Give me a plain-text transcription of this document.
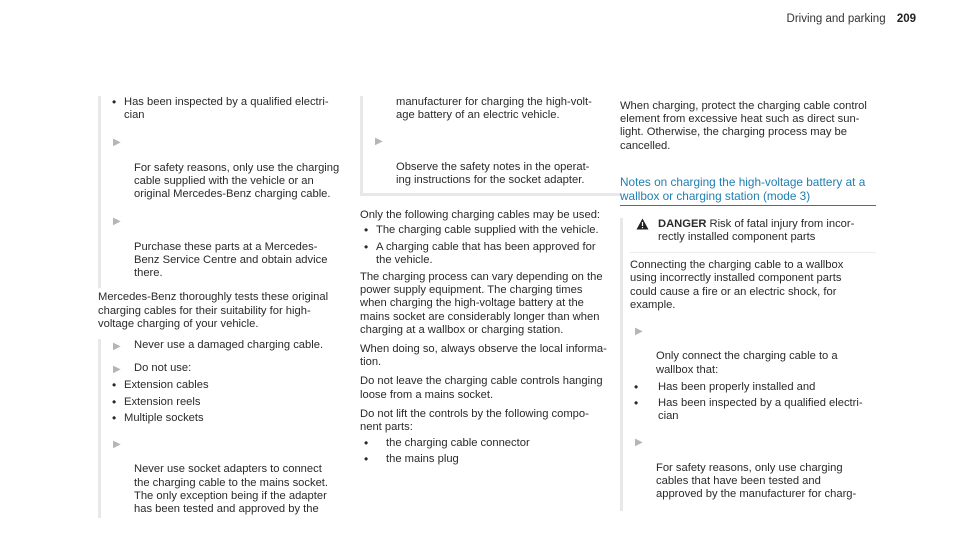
Driving and parking 209
• Has been inspected by a qualified electri-
cian

▶

For safety reasons, only use the charging
cable supplied with the vehicle or an
original Mercedes-Benz charging cable.

▶

Purchase these parts at a Mercedes-
Benz Service Centre and obtain advice
there.

Mercedes-Benz thoroughly tests these original
charging cables for their suitability for high-
voltage charging of your vehicle.

▶ Never use a damaged charging cable.
▶ Do not use:
• Extension cables
• Extension reels
• Multiple sockets

▶

Never use socket adapters to connect
the charging cable to the mains socket.
The only exception being if the adapter
has been tested and approved by the

manufacturer for charging the high-volt-
age battery of an electric vehicle.

▶

Observe the safety notes in the operat-
ing instructions for the socket adapter.

Only the following charging cables may be used:

• The charging cable supplied with the vehicle.
• A charging cable that has been approved for
the vehicle.

The charging process can vary depending on the
power supply equipment. The charging times
when charging the high-voltage battery at the
mains socket are considerably longer than when
charging at a wallbox or charging station.

When doing so, always observe the local informa-
tion.

Do not leave the charging cable controls hanging
loose from a mains socket.

Do not lift the controls by the following compo-
nent parts:

• the charging cable connector
• the mains plug

When charging, protect the charging cable control
element from excessive heat such as direct sun-
light. Otherwise, the charging process may be
cancelled.

Notes on charging the high-voltage battery at a
wallbox or charging station (mode 3)
DANGER Risk of fatal injury from incor-
rectly installed component parts

Connecting the charging cable to a wallbox
using incorrectly installed component parts
could cause a fire or an electric shock, for
example.

▶

Only connect the charging cable to a
wallbox that:

• Has been properly installed and
• Has been inspected by a qualified electri-
cian

▶

For safety reasons, only use charging
cables that have been tested and
approved by the manufacturer for charg-
